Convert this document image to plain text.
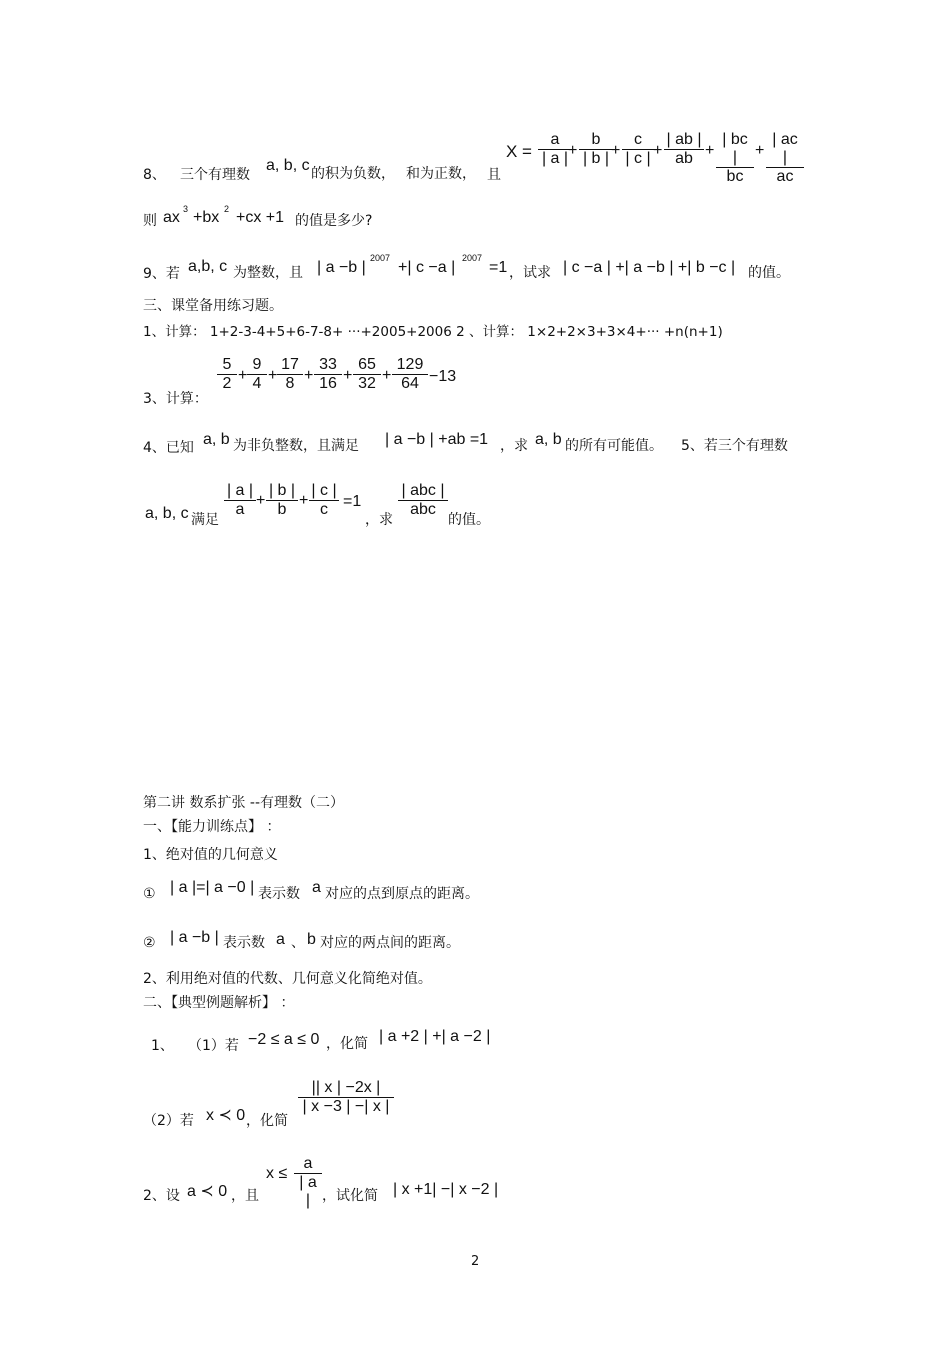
8、 三个有理数
a, b, c 的积为负数， 和为正数， 且
X =
a
| a | +
b
| b | +
c
| c | +
| ab |
ab +
| bc |
bc
+
| ac |
ac
则 ax 3 +bx 2 +cx +1 的值是多少?
9、若 a,b, c 为整数，且 | a −b |
2007
+| c −a |
2007
=1 ，试求 | c −a | +| a −b | +| b −c | 的值。
三、课堂备用练习题。
1、计算： 1+2-3-4+5+6-7-8+ ···+2005+2006 2 、计算： 1×2+2×3+3×4+··· +n(n+1)
3、计算：
5
2 +
9
4 +
17
8 +
33
16 +
65
32 +
129
64 −13
4、已知 a, b 为非负整数，且满足 | a −b | +ab =1 ，求 a, b 的所有可能值。 5、若三个有理数
a, b, c 满足
| a |
a
+
| b |
b
+
| c |
c =1
，求
| abc |
abc
的值。
第二讲 数系扩张 --有理数（二）
一、【能力训练点】 ：
1、绝对值的几何意义
① | a |=| a −0 | 表示数 a 对应的点到原点的距离。
② | a −b | 表示数 a 、 b 对应的两点间的距离。
2、利用绝对值的代数、几何意义化简绝对值。
二、【典型例题解析】 ：
1、 （1）若 −2 ≤ a ≤ 0 ，化简 | a +2 | +| a −2 |
（2）若 x ≺ 0 ，化简
|| x | −2x |
| x −3 | −| x |
2、设 a ≺ 0 ，且
x ≤
a
| a | ，试化简 | x +1| −| x −2 |
2
